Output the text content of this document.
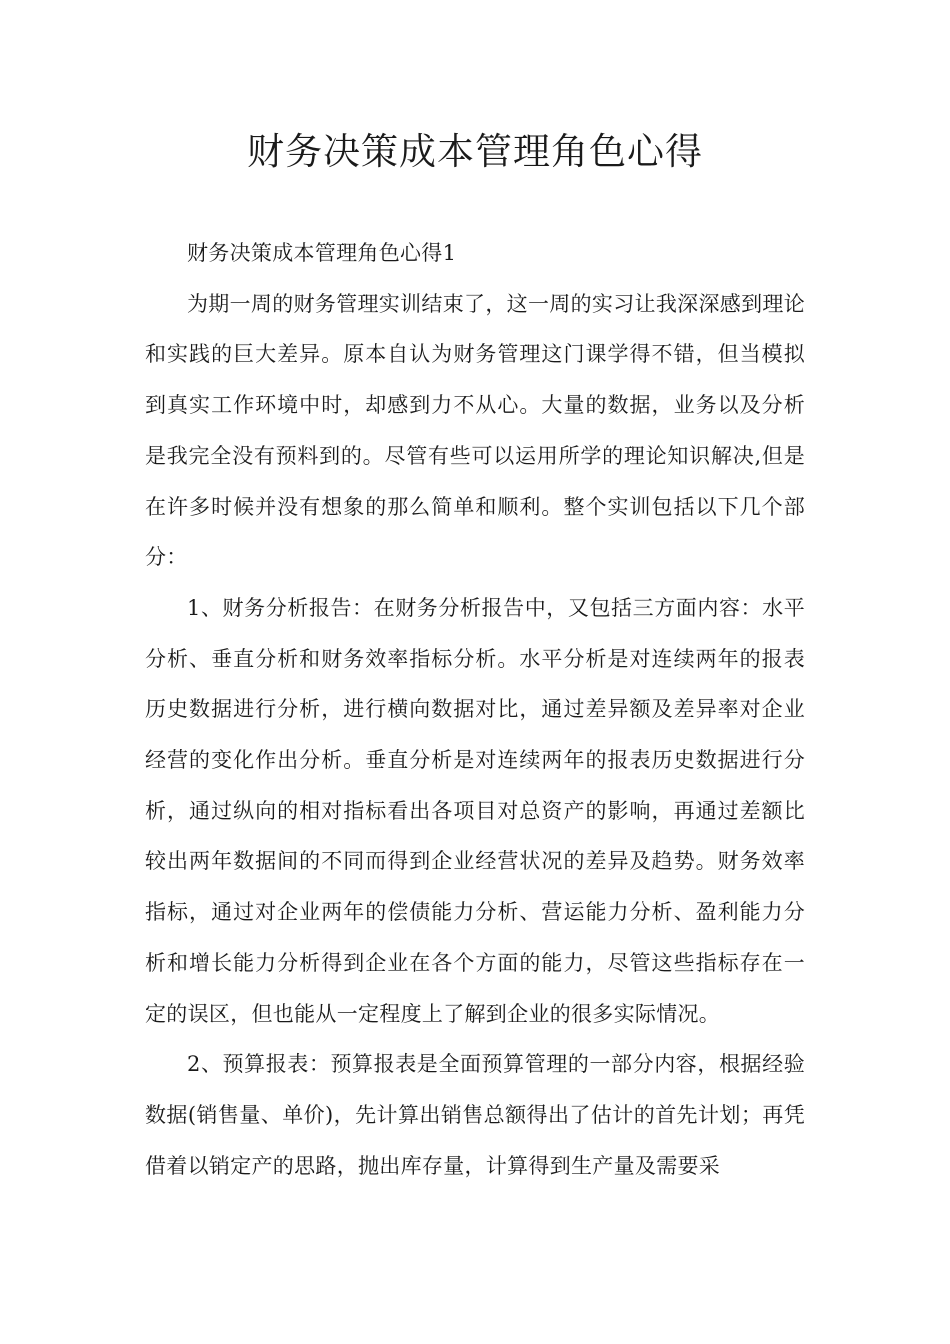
财务决策成本管理角色心得

财务决策成本管理角色心得1

为期一周的财务管理实训结束了，这一周的实习让我深深感到理论和实践的巨大差异。原本自认为财务管理这门课学得不错，但当模拟到真实工作环境中时，却感到力不从心。大量的数据，业务以及分析是我完全没有预料到的。尽管有些可以运用所学的理论知识解决,但是在许多时候并没有想象的那么简单和顺利。整个实训包括以下几个部分：

1、财务分析报告：在财务分析报告中，又包括三方面内容：水平分析、垂直分析和财务效率指标分析。水平分析是对连续两年的报表历史数据进行分析，进行横向数据对比，通过差异额及差异率对企业经营的变化作出分析。垂直分析是对连续两年的报表历史数据进行分析，通过纵向的相对指标看出各项目对总资产的影响，再通过差额比较出两年数据间的不同而得到企业经营状况的差异及趋势。财务效率指标，通过对企业两年的偿债能力分析、营运能力分析、盈利能力分析和增长能力分析得到企业在各个方面的能力，尽管这些指标存在一定的误区，但也能从一定程度上了解到企业的很多实际情况。

2、预算报表：预算报表是全面预算管理的一部分内容，根据经验数据(销售量、单价)，先计算出销售总额得出了估计的首先计划；再凭借着以销定产的思路，抛出库存量，计算得到生产量及需要采
